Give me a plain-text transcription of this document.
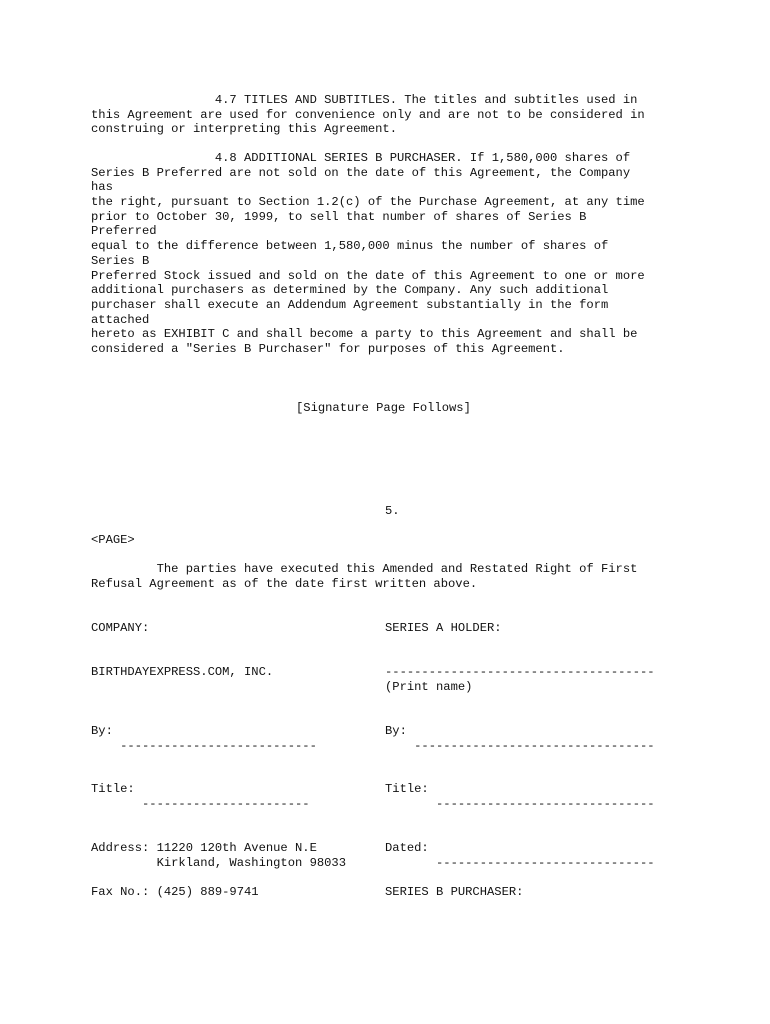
4.7 TITLES AND SUBTITLES. The titles and subtitles used in
this Agreement are used for convenience only and are not to be considered in
construing or interpreting this Agreement.
4.8 ADDITIONAL SERIES B PURCHASER. If 1,580,000 shares of
Series B Preferred are not sold on the date of this Agreement, the Company
has
the right, pursuant to Section 1.2(c) of the Purchase Agreement, at any time
prior to October 30, 1999, to sell that number of shares of Series B
Preferred
equal to the difference between 1,580,000 minus the number of shares of
Series B
Preferred Stock issued and sold on the date of this Agreement to one or more
additional purchasers as determined by the Company. Any such additional
purchaser shall execute an Addendum Agreement substantially in the form
attached
hereto as EXHIBIT C and shall become a party to this Agreement and shall be
considered a "Series B Purchaser" for purposes of this Agreement.
[Signature Page Follows]
5.
<PAGE>
The parties have executed this Amended and Restated Right of First
Refusal Agreement as of the date first written above.
COMPANY:
BIRTHDAYEXPRESS.COM, INC.
By:
---------------------------
Title:
-----------------------
Address: 11220 120th Avenue N.E
Kirkland, Washington 98033
Fax No.: (425) 889-9741
SERIES A HOLDER:
-------------------------------------
(Print name)
By:
---------------------------------
Title:
------------------------------
Dated:
------------------------------
SERIES B PURCHASER:
